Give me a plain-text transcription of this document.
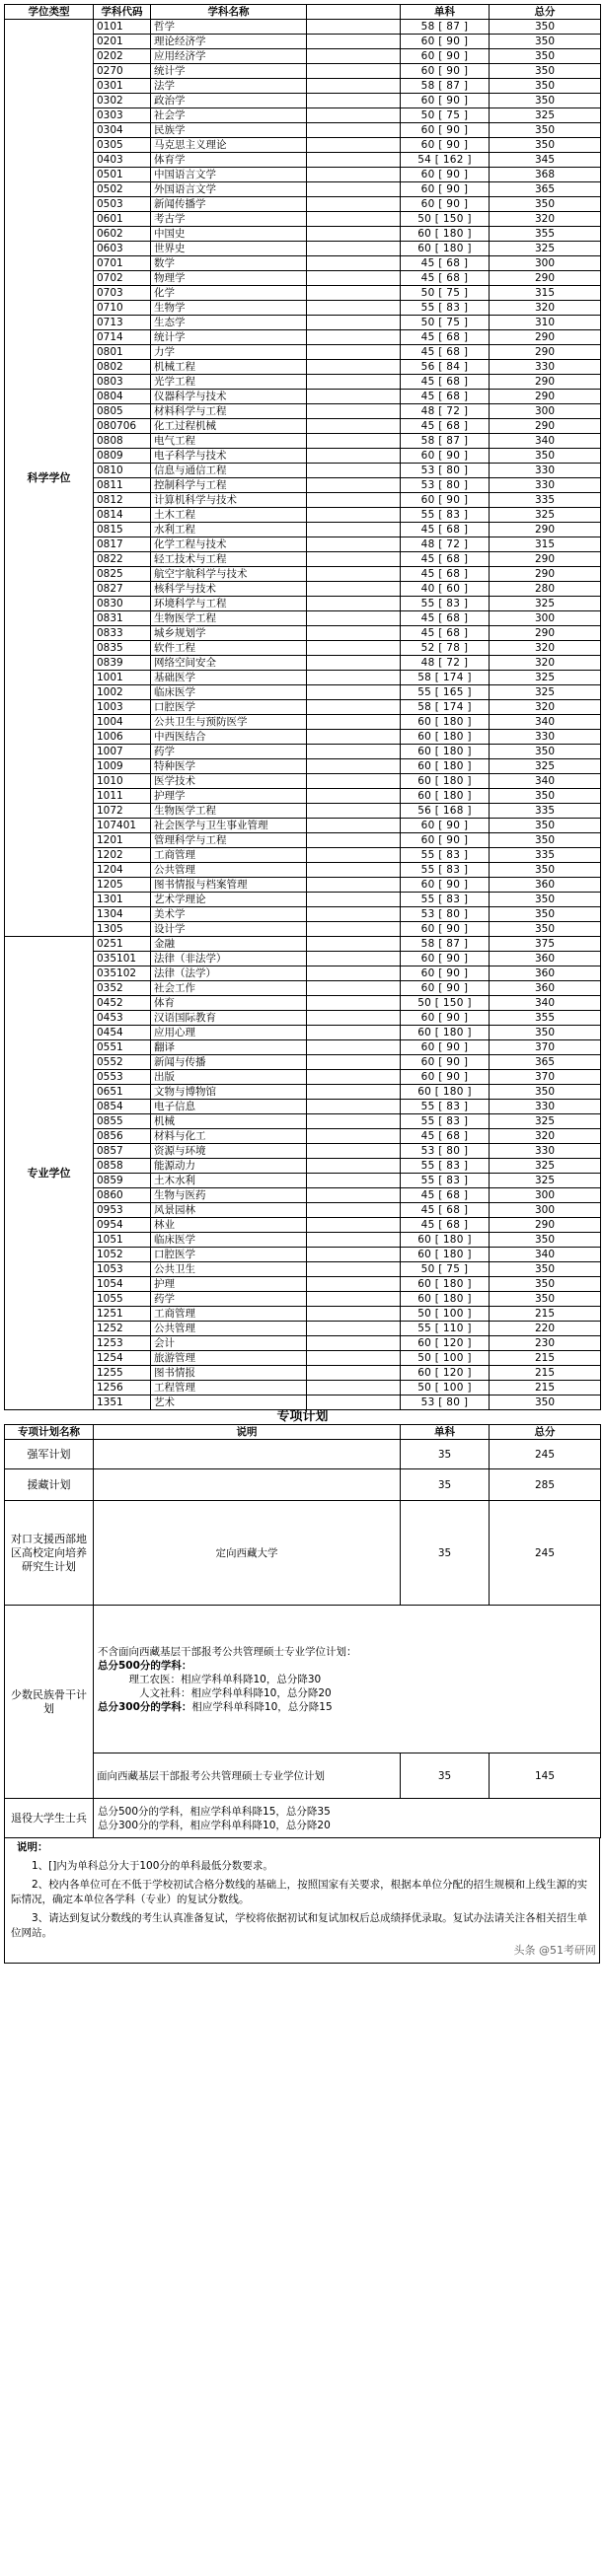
学位类型	学科代码	学科名称		单科	总分
科学学位	0101	哲学		58 [ 87 ]	350
	0201	理论经济学		60 [ 90 ]	350
	0202	应用经济学		60 [ 90 ]	350
	0270	统计学		60 [ 90 ]	350
	0301	法学		58 [ 87 ]	350
	0302	政治学		60 [ 90 ]	350
	0303	社会学		50 [ 75 ]	325
	0304	民族学		60 [ 90 ]	350
	0305	马克思主义理论		60 [ 90 ]	350
	0403	体育学		54 [ 162 ]	345
	0501	中国语言文学		60 [ 90 ]	368
	0502	外国语言文学		60 [ 90 ]	365
	0503	新闻传播学		60 [ 90 ]	350
	0601	考古学		50 [ 150 ]	320
	0602	中国史		60 [ 180 ]	355
	0603	世界史		60 [ 180 ]	325
	0701	数学		45 [ 68 ]	300
	0702	物理学		45 [ 68 ]	290
	0703	化学		50 [ 75 ]	315
	0710	生物学		55 [ 83 ]	320
	0713	生态学		50 [ 75 ]	310
	0714	统计学		45 [ 68 ]	290
	0801	力学		45 [ 68 ]	290
	0802	机械工程		56 [ 84 ]	330
	0803	光学工程		45 [ 68 ]	290
	0804	仪器科学与技术		45 [ 68 ]	290
	0805	材料科学与工程		48 [ 72 ]	300
	080706	化工过程机械		45 [ 68 ]	290
	0808	电气工程		58 [ 87 ]	340
	0809	电子科学与技术		60 [ 90 ]	350
	0810	信息与通信工程		53 [ 80 ]	330
	0811	控制科学与工程		53 [ 80 ]	330
	0812	计算机科学与技术		60 [ 90 ]	335
	0814	土木工程		55 [ 83 ]	325
	0815	水利工程		45 [ 68 ]	290
	0817	化学工程与技术		48 [ 72 ]	315
	0822	轻工技术与工程		45 [ 68 ]	290
	0825	航空宇航科学与技术		45 [ 68 ]	290
	0827	核科学与技术		40 [ 60 ]	280
	0830	环境科学与工程		55 [ 83 ]	325
	0831	生物医学工程		45 [ 68 ]	300
	0833	城乡规划学		45 [ 68 ]	290
	0835	软件工程		52 [ 78 ]	320
	0839	网络空间安全		48 [ 72 ]	320
	1001	基础医学		58 [ 174 ]	325
	1002	临床医学		55 [ 165 ]	325
	1003	口腔医学		58 [ 174 ]	320
	1004	公共卫生与预防医学		60 [ 180 ]	340
	1006	中西医结合		60 [ 180 ]	330
	1007	药学		60 [ 180 ]	350
	1009	特种医学		60 [ 180 ]	325
	1010	医学技术		60 [ 180 ]	340
	1011	护理学		60 [ 180 ]	350
	1072	生物医学工程		56 [ 168 ]	335
	107401	社会医学与卫生事业管理		60 [ 90 ]	350
	1201	管理科学与工程		60 [ 90 ]	350
	1202	工商管理		55 [ 83 ]	335
	1204	公共管理		55 [ 83 ]	350
	1205	图书情报与档案管理		60 [ 90 ]	360
	1301	艺术学理论		55 [ 83 ]	350
	1304	美术学		53 [ 80 ]	350
	1305	设计学		60 [ 90 ]	350
专业学位	0251	金融		58 [ 87 ]	375
	035101	法律（非法学）		60 [ 90 ]	360
	035102	法律（法学）		60 [ 90 ]	360
	0352	社会工作		60 [ 90 ]	360
	0452	体育		50 [ 150 ]	340
	0453	汉语国际教育		60 [ 90 ]	355
	0454	应用心理		60 [ 180 ]	350
	0551	翻译		60 [ 90 ]	370
	0552	新闻与传播		60 [ 90 ]	365
	0553	出版		60 [ 90 ]	370
	0651	文物与博物馆		60 [ 180 ]	350
	0854	电子信息		55 [ 83 ]	330
	0855	机械		55 [ 83 ]	325
	0856	材料与化工		45 [ 68 ]	320
	0857	资源与环境		53 [ 80 ]	330
	0858	能源动力		55 [ 83 ]	325
	0859	土木水利		55 [ 83 ]	325
	0860	生物与医药		45 [ 68 ]	300
	0953	风景园林		45 [ 68 ]	300
	0954	林业		45 [ 68 ]	290
	1051	临床医学		60 [ 180 ]	350
	1052	口腔医学		60 [ 180 ]	340
	1053	公共卫生		50 [ 75 ]	350
	1054	护理		60 [ 180 ]	350
	1055	药学		60 [ 180 ]	350
	1251	工商管理		50 [ 100 ]	215
	1252	公共管理		55 [ 110 ]	220
	1253	会计		60 [ 120 ]	230
	1254	旅游管理		50 [ 100 ]	215
	1255	图书情报		60 [ 120 ]	215
	1256	工程管理		50 [ 100 ]	215
	1351	艺术		53 [ 80 ]	350
专项计划			
专项计划名称	说明	单科	总分
强军计划		35	245
援藏计划		35	285
对口支援西部地区高校定向培养研究生计划	定向西藏大学	35	245
少数民族骨干计划	不含面向西藏基层干部报考公共管理硕士专业学位计划：
总分500分的学科：
理工农医：相应学科单科降10，总分降30
人文社科：相应学科单科降10，总分降20
总分300分的学科：相应学科单科降10，总分降15		

	面向西藏基层干部报考公共管理硕士专业学位计划	35	145
退役大学生士兵	总分500分的学科，相应学科单科降15，总分降35
总分300分的学科，相应学科单科降10，总分降20		
说明：

1、[]内为单科总分大于100分的单科最低分数要求。

2、校内各单位可在不低于学校初试合格分数线的基础上，按照国家有关要求，根据本单位分配的招生规模和上线生源的实际情况，确定本单位各学科（专业）的复试分数线。

3、请达到复试分数线的考生认真准备复试，学校将依据初试和复试加权后总成绩择优录取。复试办法请关注各相关招生单位网站。

头条 @51考研网
